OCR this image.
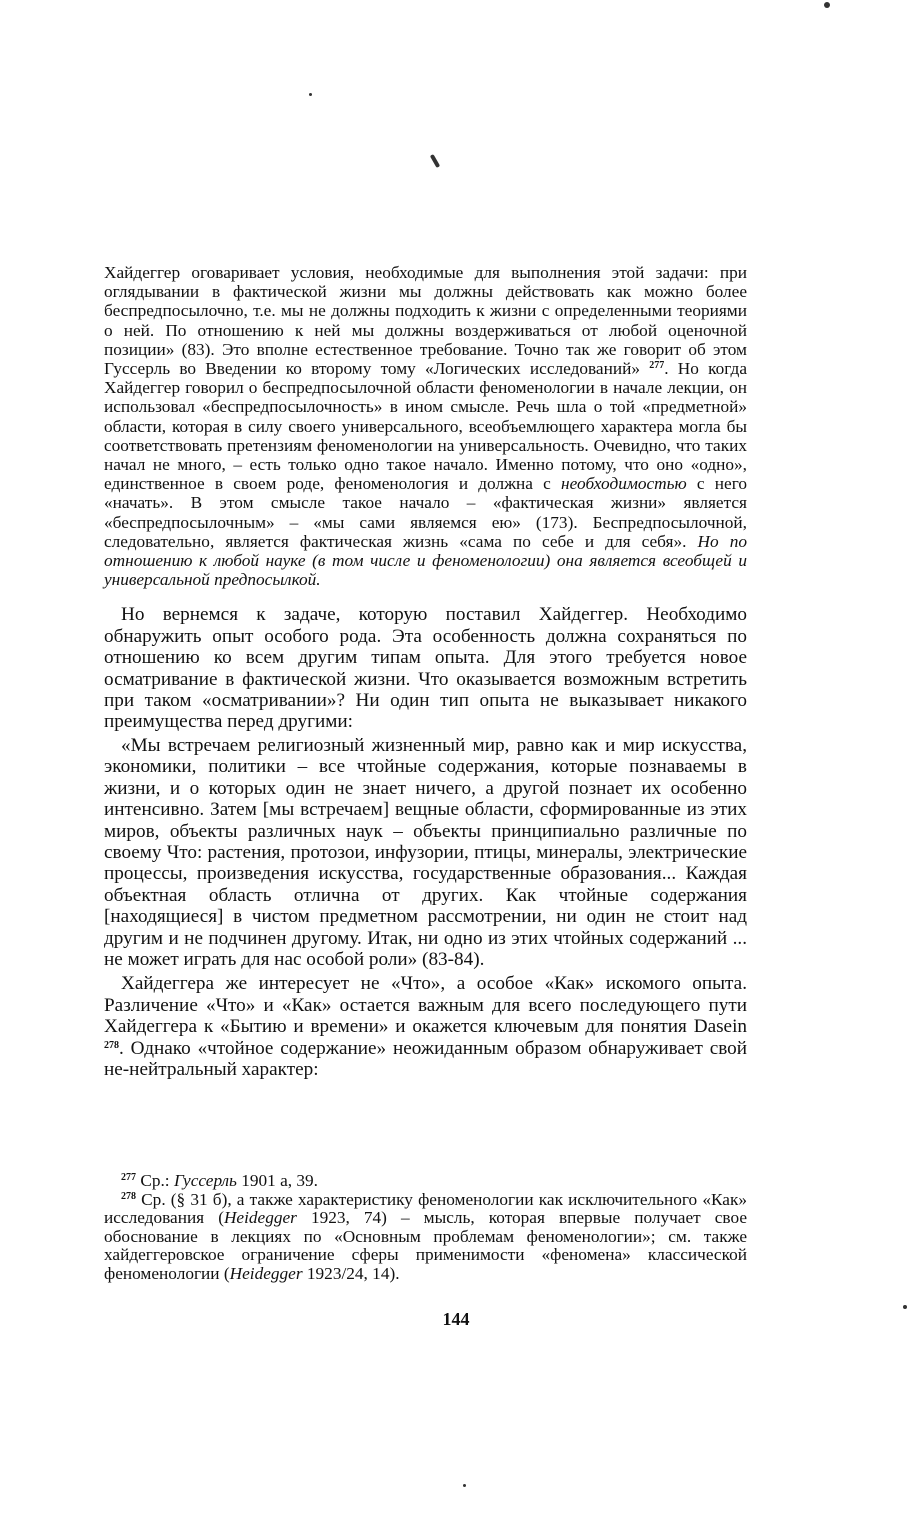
Хайдеггер оговаривает условия, необходимые для выполнения этой задачи: при оглядывании в фактической жизни мы должны действовать как можно более беспредпосылочно, т.е. мы не должны подходить к жизни с определенными теориями о ней. По отношению к ней мы должны воздерживаться от любой оценочной позиции» (83). Это вполне естественное требование. Точно так же говорит об этом Гуссерль во Введении ко второму тому «Логических исследований» $^{277}$. Но когда Хайдеггер говорил о беспредпосылочной области феноменологии в начале лекции, он использовал «беспредпосылочность» в ином смысле. Речь шла о той «предметной» области, которая в силу своего универсального, всеобъемлющего характера могла бы соответствовать претензиям феноменологии на универсальность. Очевидно, что таких начал не много, – есть только одно такое начало. Именно потому, что оно «одно», единственное в своем роде, феноменология и должна с необходимостью с него «начать». В этом смысле такое начало – «фактическая жизни» является «беспредпосылочным» – «мы сами являемся ею» (173). Беспредпосылочной, следовательно, является фактическая жизнь «сама по себе и для себя». Но по отношению к любой науке (в том числе и феноменологии) она является всеобщей и универсальной предпосылкой.

Но вернемся к задаче, которую поставил Хайдеггер. Необходимо обнаружить опыт особого рода. Эта особенность должна сохраняться по отношению ко всем другим типам опыта. Для этого требуется новое осматривание в фактической жизни. Что оказывается возможным встретить при таком «осматривании»? Ни один тип опыта не выказывает никакого преимущества перед другими:

«Мы встречаем религиозный жизненный мир, равно как и мир искусства, экономики, политики – все чтойные содержания, которые познаваемы в жизни, и о которых один не знает ничего, а другой познает их особенно интенсивно. Затем [мы встречаем] вещные области, сформированные из этих миров, объекты различных наук – объекты принципиально различные по своему Что: растения, протозои, инфузории, птицы, минералы, электрические процессы, произведения искусства, государственные образования... Каждая объектная область отлична от других. Как чтойные содержания [находящиеся] в чистом предметном рассмотрении, ни один не стоит над другим и не подчинен другому. Итак, ни одно из этих чтойных содержаний ... не может играть для нас особой роли» (83-84).

Хайдеггера же интересует не «Что», а особое «Как» искомого опыта. Различение «Что» и «Как» остается важным для всего последующего пути Хайдеггера к «Бытию и времени» и окажется ключевым для понятия Dasein $^{278}$. Однако «чтойное содержание» неожиданным образом обнаруживает свой не-нейтральный характер:

$^{277}$ Ср.: Гуссерль 1901 а, 39.

$^{278}$ Ср. (§ 31 б), а также характеристику феноменологии как исключительного «Как» исследования (Heidegger 1923, 74) – мысль, которая впервые получает свое обоснование в лекциях по «Основным проблемам феноменологии»; см. также хайдеггеровское ограничение сферы применимости «феномена» классической феноменологии (Heidegger 1923/24, 14).

144
